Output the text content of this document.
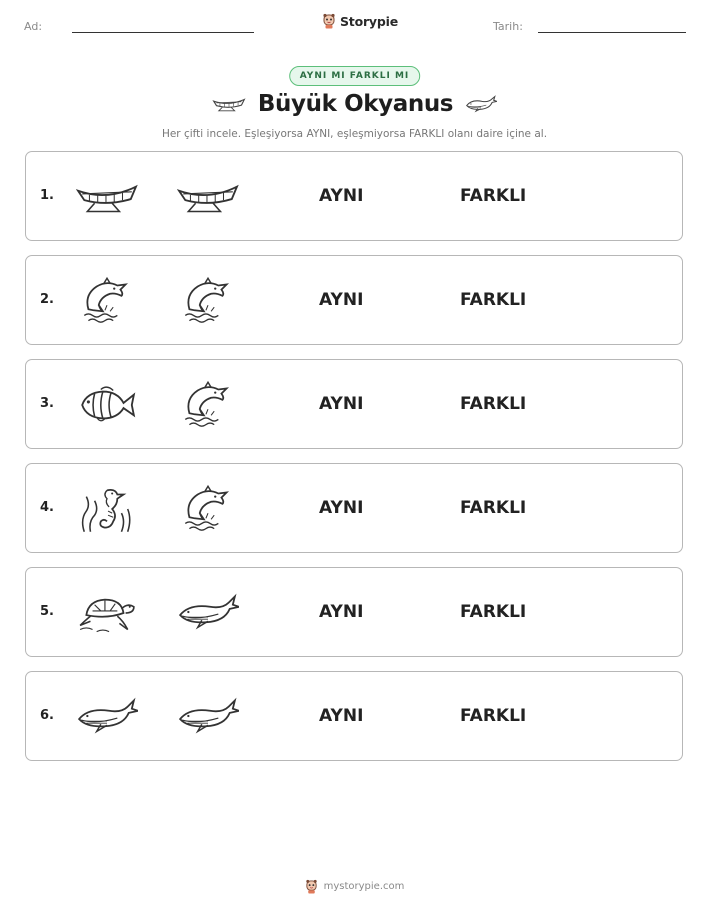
Ad:	Storypie	Tarih:
AYNI MI FARKLI MI
Büyük Okyanus
Her çifti incele. Eşleşiyorsa AYNI, eşleşmiyorsa FARKLI olanı daire içine al.
1.	AYNI	FARKLI
2.	AYNI	FARKLI
3.	AYNI	FARKLI
4.	AYNI	FARKLI
5.	AYNI	FARKLI
6.	AYNI	FARKLI
mystorypie.com
